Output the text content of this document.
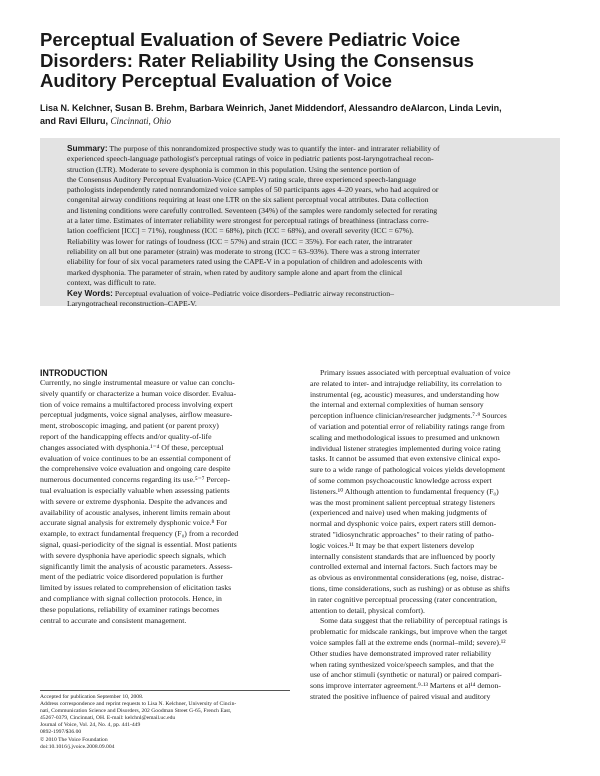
Perceptual Evaluation of Severe Pediatric Voice
Disorders: Rater Reliability Using the Consensus
Auditory Perceptual Evaluation of Voice
Lisa N. Kelchner, Susan B. Brehm, Barbara Weinrich, Janet Middendorf, Alessandro deAlarcon, Linda Levin,
and Ravi Elluru, Cincinnati, Ohio
Summary: The purpose of this nonrandomized prospective study was to quantify the inter- and intrarater reliability of
experienced speech-language pathologist's perceptual ratings of voice in pediatric patients post-laryngotracheal recon-
struction (LTR). Moderate to severe dysphonia is common in this population. Using the sentence portion of
the Consensus Auditory Perceptual Evaluation-Voice (CAPE-V) rating scale, three experienced speech-language
pathologists independently rated nonrandomized voice samples of 50 participants ages 4–20 years, who had acquired or
congenital airway conditions requiring at least one LTR on the six salient perceptual vocal attributes. Data collection
and listening conditions were carefully controlled. Seventeen (34%) of the samples were randomly selected for rerating
at a later time. Estimates of interrater reliability were strongest for perceptual ratings of breathiness (intraclass corre-
lation coefficient [ICC] = 71%), roughness (ICC = 68%), pitch (ICC = 68%), and overall severity (ICC = 67%).
Reliability was lower for ratings of loudness (ICC = 57%) and strain (ICC = 35%). For each rater, the intrarater
reliability on all but one parameter (strain) was moderate to strong (ICC = 63–93%). There was a strong interrater
eliability for four of six vocal parameters rated using the CAPE-V in a population of children and adolescents with
marked dysphonia. The parameter of strain, when rated by auditory sample alone and apart from the clinical
context, was difficult to rate.
Key Words: Perceptual evaluation of voice–Pediatric voice disorders–Pediatric airway reconstruction–
Laryngotracheal reconstruction–CAPE-V.
INTRODUCTION
Currently, no single instrumental measure or value can conclu-
sively quantify or characterize a human voice disorder. Evalua-
tion of voice remains a multifactored process involving expert
perceptual judgments, voice signal analyses, airflow measure-
ment, stroboscopic imaging, and patient (or parent proxy)
report of the handicapping effects and/or quality-of-life
changes associated with dysphonia.¹⁻⁴ Of these, perceptual
evaluation of voice continues to be an essential component of
the comprehensive voice evaluation and ongoing care despite
numerous documented concerns regarding its use.⁵⁻⁷ Percep-
tual evaluation is especially valuable when assessing patients
with severe or extreme dysphonia. Despite the advances and
availability of acoustic analyses, inherent limits remain about
accurate signal analysis for extremely dysphonic voice.⁸ For
example, to extract fundamental frequency (F₀) from a recorded
signal, quasi-periodicity of the signal is essential. Most patients
with severe dysphonia have aperiodic speech signals, which
significantly limit the analysis of acoustic parameters. Assess-
ment of the pediatric voice disordered population is further
limited by issues related to comprehension of elicitation tasks
and compliance with signal collection protocols. Hence, in
these populations, reliability of examiner ratings becomes
central to accurate and consistent management.
Primary issues associated with perceptual evaluation of voice
are related to inter- and intrajudge reliability, its correlation to
instrumental (eg, acoustic) measures, and understanding how
the internal and external complexities of human sensory
perception influence clinician/researcher judgments.⁷·⁹ Sources
of variation and potential error of reliability ratings range from
scaling and methodological issues to presumed and unknown
individual listener strategies implemented during voice rating
tasks. It cannot be assumed that even extensive clinical expo-
sure to a wide range of pathological voices yields development
of some common psychoacoustic knowledge across expert
listeners.¹⁰ Although attention to fundamental frequency (F₀)
was the most prominent salient perceptual strategy listeners
(experienced and naive) used when making judgments of
normal and dysphonic voice pairs, expert raters still demon-
strated "idiosynchratic approaches" to their rating of patho-
logic voices.¹¹ It may be that expert listeners develop
internally consistent standards that are influenced by poorly
controlled external and internal factors. Such factors may be
as obvious as environmental considerations (eg, noise, distrac-
tions, time considerations, such as rushing) or as obtuse as shifts
in rater cognitive perceptual processing (rater concentration,
attention to detail, physical comfort).
Some data suggest that the reliability of perceptual ratings is
problematic for midscale rankings, but improve when the target
voice samples fall at the extreme ends (normal–mild; severe).¹²
Other studies have demonstrated improved rater reliability
when rating synthesized voice/speech samples, and that the
use of anchor stimuli (synthetic or natural) or paired compari-
sons improve interrater agreement.⁹·¹³ Martens et al¹⁴ demon-
strated the positive influence of paired visual and auditory
Accepted for publication September 10, 2008.
Address correspondence and reprint requests to Lisa N. Kelchner, University of Cincin-
nati, Communication Science and Disorders, 202 Goodman Street G-65, French East,
45267-0379, Cincinnati, OH. E-mail: kelchnl@email.uc.edu
Journal of Voice, Vol. 24, No. 4, pp. 441-449
0892-1997/$36.00
© 2010 The Voice Foundation
doi:10.1016/j.jvoice.2008.09.004
